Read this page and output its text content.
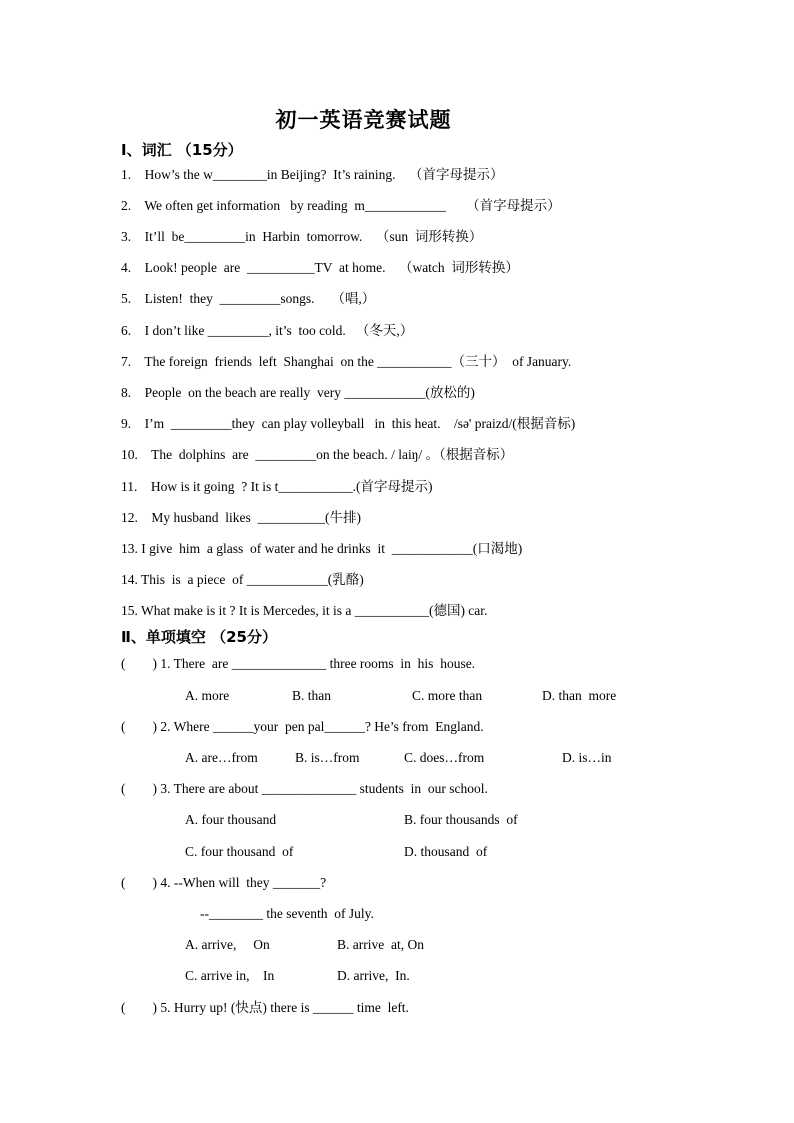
初一英语竞赛试题
Ⅰ、词汇 （15分）
1.    How’s the w________in Beijing?  It’s raining.    （首字母提示）
2.    We often get information   by reading  m____________      （首字母提示）
3.    It’ll  be_________in  Harbin  tomorrow.    （sun  词形转换）
4.    Look! people  are  __________TV  at home.    （watch  词形转换）
5.    Listen!  they  _________songs.     （唱,）
6.    I don’t like _________, it’s  too cold.   （冬天,）
7.    The foreign  friends  left  Shanghai  on the ___________（三十）  of January.
8.    People  on the beach are really  very ____________(放松的)
9.    I’m  _________they  can play volleyball   in  this heat.    /sə' praizd/(根据音标)
10.    The  dolphins  are  _________on the beach. / laiŋ/ 。（根据音标）
11.    How is it going  ? It is t___________.(首字母提示)
12.    My husband  likes  __________(牛排)
13. I give  him  a glass  of water and he drinks  it  ____________(口渴地)
14. This  is  a piece  of ____________(乳酪)
15. What make is it ? It is Mercedes, it is a ___________(德国) car.
Ⅱ、单项填空 （25分）
(        ) 1. There  are ______________ three rooms  in  his  house.
A. more	B. than	C. more than	D. than  more
(        ) 2. Where ______your  pen pal______? He’s from  England.
A. are…from	B. is…from	C. does…from	D. is…in
(        ) 3. There are about ______________ students  in  our school.
A. four thousand	B. four thousands  of
C. four thousand  of	D. thousand  of
(        ) 4. --When will  they _______?
--________ the seventh  of July.
A. arrive,     On	B. arrive  at, On
C. arrive in,    In	D. arrive,  In.
(        ) 5. Hurry up! (快点) there is ______ time  left.
